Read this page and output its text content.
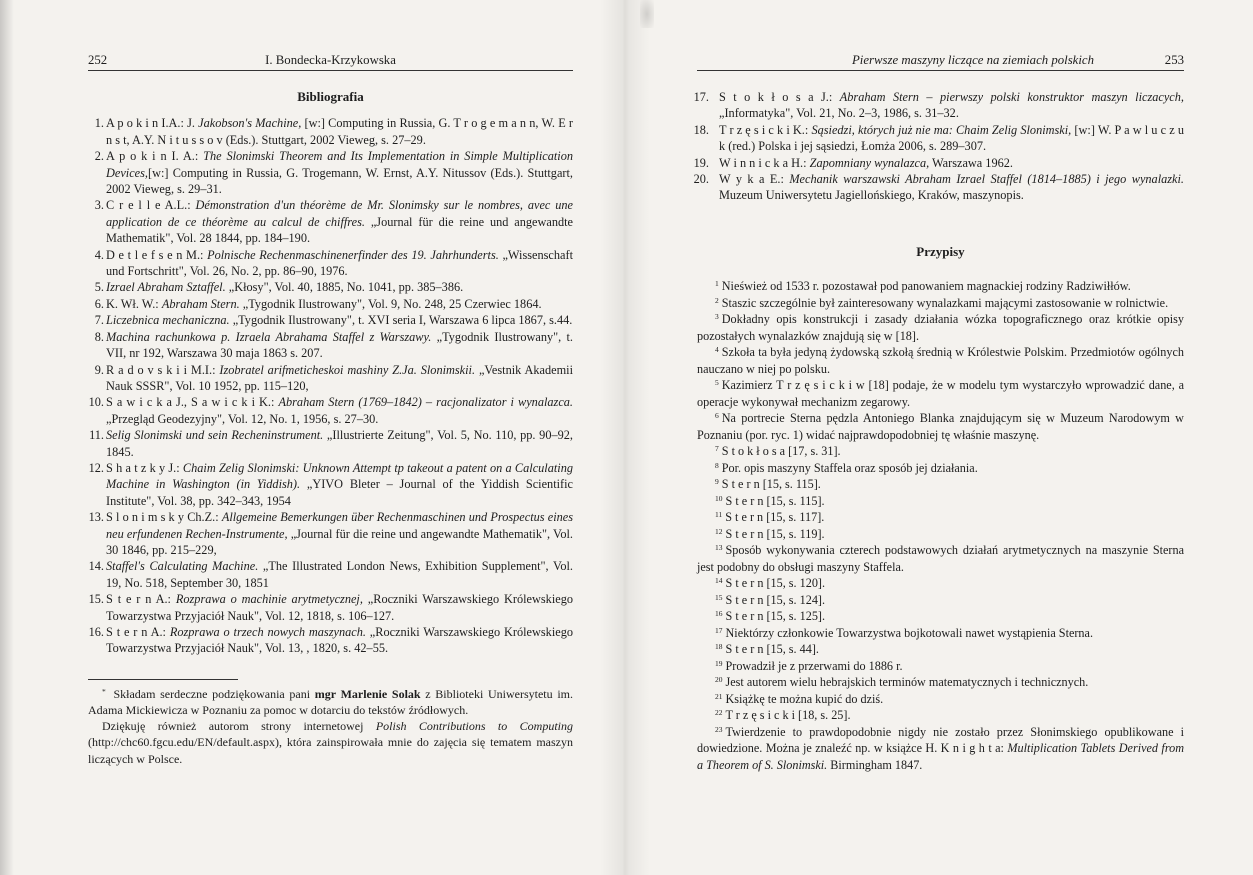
252	I. Bondecka-Krzykowska
Bibliografia
1. A p o k i n I.A.: J. Jakobson's Machine, [w:] Computing in Russia, G. T r o g e m a n n, W. E r n s t, A.Y. N i t u s s o v (Eds.). Stuttgart, 2002 Vieweg, s. 27–29.
2. A p o k i n I. A.: The Slonimski Theorem and Its Implementation in Simple Multiplication Devices,[w:] Computing in Russia, G. Trogemann, W. Ernst, A.Y. Nitussov (Eds.). Stuttgart, 2002 Vieweg, s. 29–31.
3. C r e l l e A.L.: Démonstration d'un théorème de Mr. Slonimsky sur le nombres, avec une application de ce théorème au calcul de chiffres. „Journal für die reine und angewandte Mathematik", Vol. 28 1844, pp. 184–190.
4. D e t l e f s e n M.: Polnische Rechenmaschinenerfinder des 19. Jahrhunderts. „Wissenschaft und Fortschritt", Vol. 26, No. 2, pp. 86–90, 1976.
5. Izrael Abraham Sztaffel. „Kłosy", Vol. 40, 1885, No. 1041, pp. 385–386.
6. K. Wł. W.: Abraham Stern. „Tygodnik Ilustrowany", Vol. 9, No. 248, 25 Czerwiec 1864.
7. Liczebnica mechaniczna. „Tygodnik Ilustrowany", t. XVI seria I, Warszawa 6 lipca 1867, s.44.
8. Machina rachunkowa p. Izraela Abrahama Staffel z Warszawy. „Tygodnik Ilustrowany", t. VII, nr 192, Warszawa 30 maja 1863 s. 207.
9. R a d o v s k i i M.I.: Izobratel arifmeticheskoi mashiny Z.Ja. Slonimskii. „Vestnik Akademii Nauk SSSR", Vol. 10 1952, pp. 115–120,
10. S a w i c k a J., S a w i c k i K.: Abraham Stern (1769–1842) – racjonalizator i wynalazca. „Przegląd Geodezyjny", Vol. 12, No. 1, 1956, s. 27–30.
11. Selig Slonimski und sein Recheninstrument. „Illustrierte Zeitung", Vol. 5, No. 110, pp. 90–92, 1845.
12. S h a t z k y J.: Chaim Zelig Slonimski: Unknown Attempt tp takeout a patent on a Calculating Machine in Washington (in Yiddish). „YIVO Bleter – Journal of the Yiddish Scientific Institute", Vol. 38, pp. 342–343, 1954
13. S l o n i m s k y Ch.Z.: Allgemeine Bemerkungen über Rechenmaschinen und Prospectus eines neu erfundenen Rechen-Instrumente, „Journal für die reine und angewandte Mathematik", Vol. 30 1846, pp. 215–229,
14. Staffel's Calculating Machine. „The Illustrated London News, Exhibition Supplement", Vol. 19, No. 518, September 30, 1851
15. S t e r n A.: Rozprawa o machinie arytmetycznej, „Roczniki Warszawskiego Królewskiego Towarzystwa Przyjaciół Nauk", Vol. 12, 1818, s. 106–127.
16. S t e r n A.: Rozprawa o trzech nowych maszynach. „Roczniki Warszawskiego Królewskiego Towarzystwa Przyjaciół Nauk", Vol. 13, , 1820, s. 42–55.

* Składam serdeczne podziękowania pani mgr Marlenie Solak z Biblioteki Uniwersytetu im. Adama Mickiewicza w Poznaniu za pomoc w dotarciu do tekstów źródłowych.

Dziękuję również autorom strony internetowej Polish Contributions to Computing (http://chc60.fgcu.edu/EN/default.aspx), która zainspirowała mnie do zajęcia się tematem maszyn liczących w Polsce.

Pierwsze maszyny liczące na ziemiach polskich	253
17. S t o k ł o s a J.: Abraham Stern – pierwszy polski konstruktor maszyn liczacych, „Informatyka", Vol. 21, No. 2–3, 1986, s. 31–32.
18. T r z ę s i c k i K.: Sąsiedzi, których już nie ma: Chaim Zelig Slonimski, [w:] W. P a w l u c z u k (red.) Polska i jej sąsiedzi, Łomża 2006, s. 289–307.
19. W i n n i c k a H.: Zapomniany wynalazca, Warszawa 1962.
20. W y k a E.: Mechanik warszawski Abraham Izrael Staffel (1814–1885) i jego wynalazki. Muzeum Uniwersytetu Jagiellońskiego, Kraków, maszynopis.
Przypisy

$^1$ Nieśwież od 1533 r. pozostawał pod panowaniem magnackiej rodziny Radziwiłłów.

$^2$ Staszic szczególnie był zainteresowany wynalazkami mającymi zastosowanie w rolnictwie.

$^3$ Dokładny opis konstrukcji i zasady działania wózka topograficznego oraz krótkie opisy pozostałych wynalazków znajdują się w [18].

$^4$ Szkoła ta była jedyną żydowską szkołą średnią w Królestwie Polskim. Przedmiotów ogólnych nauczano w niej po polsku.

$^5$ Kazimierz T r z ę s i c k i w [18] podaje, że w modelu tym wystarczyło wprowadzić dane, a operacje wykonywał mechanizm zegarowy.

$^6$ Na portrecie Sterna pędzla Antoniego Blanka znajdującym się w Muzeum Narodowym w Poznaniu (por. ryc. 1) widać najprawdopodobniej tę właśnie maszynę.

$^7$ S t o k ł o s a [17, s. 31].

$^8$ Por. opis maszyny Staffela oraz sposób jej działania.

$^9$ S t e r n [15, s. 115].

$^{10}$ S t e r n [15, s. 115].

$^{11}$ S t e r n [15, s. 117].

$^{12}$ S t e r n [15, s. 119].

$^{13}$ Sposób wykonywania czterech podstawowych działań arytmetycznych na maszynie Sterna jest podobny do obsługi maszyny Staffela.

$^{14}$ S t e r n [15, s. 120].

$^{15}$ S t e r n [15, s. 124].

$^{16}$ S t e r n [15, s. 125].

$^{17}$ Niektórzy członkowie Towarzystwa bojkotowali nawet wystąpienia Sterna.

$^{18}$ S t e r n [15, s. 44].

$^{19}$ Prowadził je z przerwami do 1886 r.

$^{20}$ Jest autorem wielu hebrajskich terminów matematycznych i technicznych.

$^{21}$ Książkę te można kupić do dziś.

$^{22}$ T r z ę s i c k i [18, s. 25].

$^{23}$ Twierdzenie to prawdopodobnie nigdy nie zostało przez Słonimskiego opublikowane i dowiedzione. Można je znaleźć np. w książce H. K n i g h t a: Multiplication Tablets Derived from a Theorem of S. Slonimski. Birmingham 1847.
